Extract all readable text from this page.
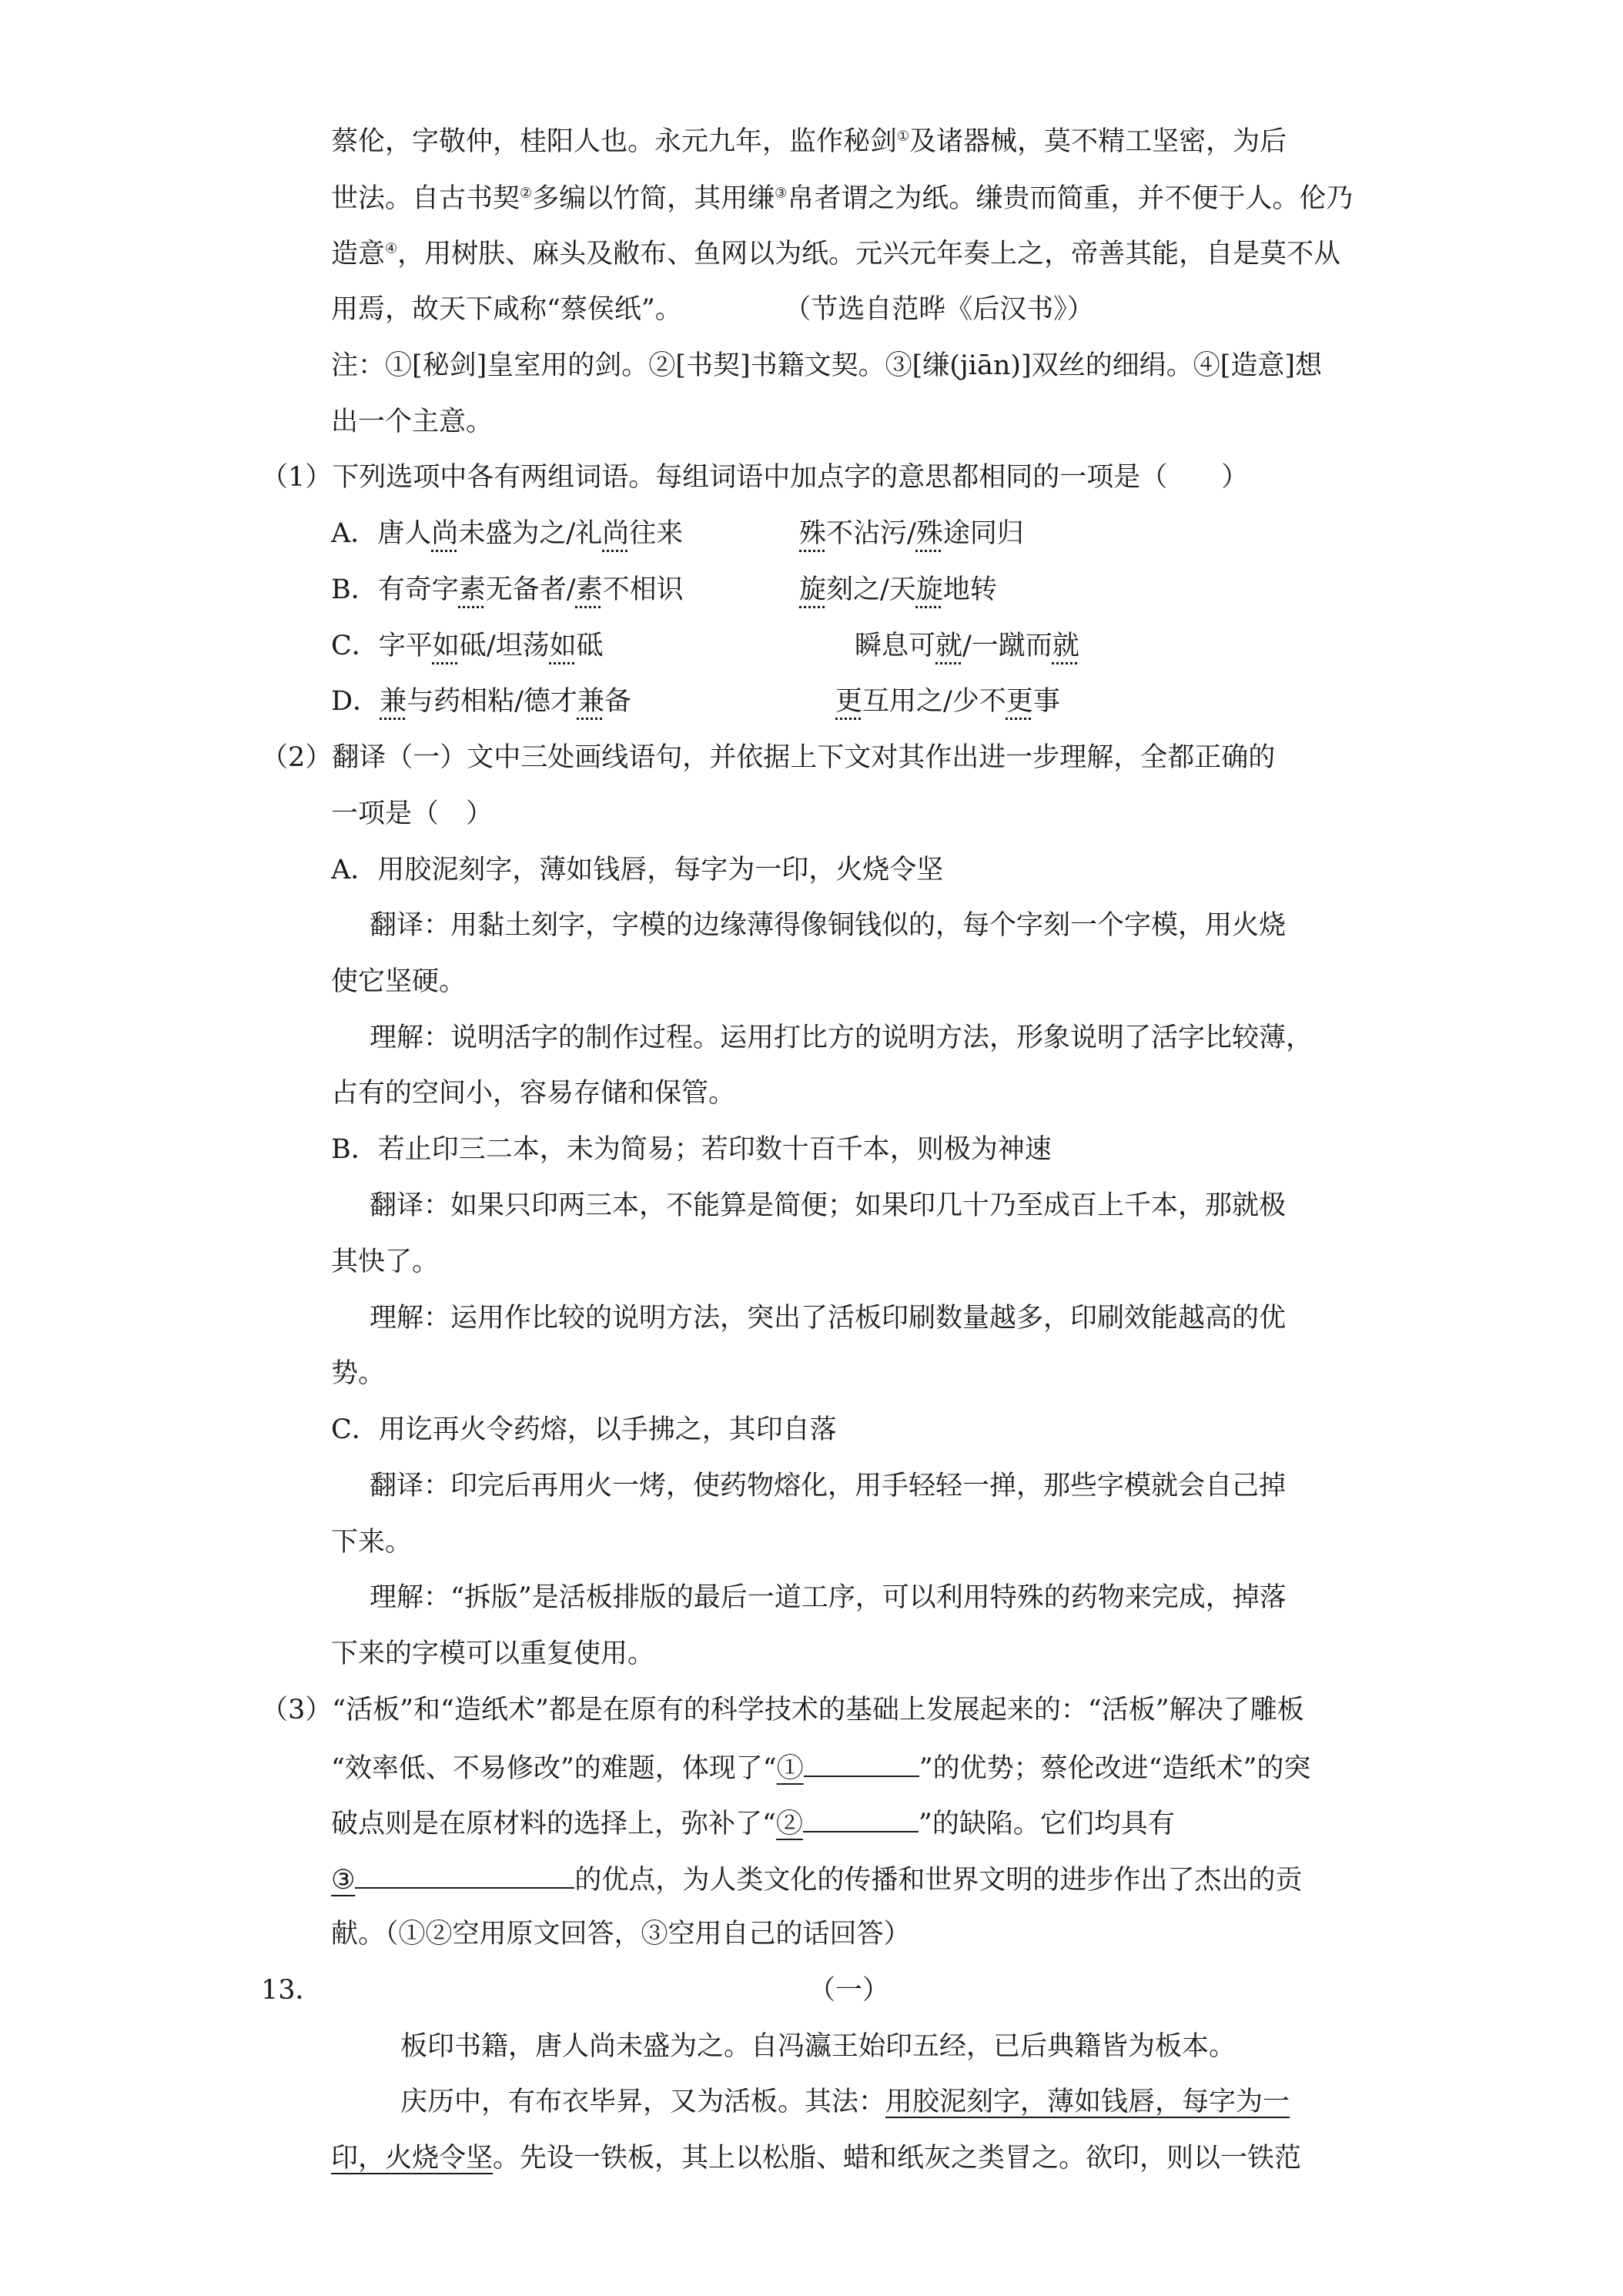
蔡伦，字敬仲，桂阳人也。永元九年，监作秘剑①及诸器械，莫不精工坚密，为后

世法。自古书契②多编以竹简，其用缣③帛者谓之为纸。缣贵而简重，并不便于人。伦乃

造意④，用树肤、麻头及敝布、鱼网以为纸。元兴元年奏上之，帝善其能，自是莫不从

用焉，故天下咸称“蔡侯纸”。	（节选自范晔《后汉书》）

注：①[秘剑]皇室用的剑。②[书契]书籍文契。③[缣(jiān)]双丝的细绢。④[造意]想

出一个主意。

（1）下列选项中各有两组词语。每组词语中加点字的意思都相同的一项是（　　）

A．唐人尚未盛为之/礼尚往来	殊不沾污/殊途同归

B．有奇字素无备者/素不相识	旋刻之/天旋地转

C．字平如砥/坦荡如砥	瞬息可就/一蹴而就

D．兼与药相粘/德才兼备	更互用之/少不更事

（2）翻译（一）文中三处画线语句，并依据上下文对其作出进一步理解，全都正确的

一项是（　）

A．用胶泥刻字，薄如钱唇，每字为一印，火烧令坚

翻译：用黏土刻字，字模的边缘薄得像铜钱似的，每个字刻一个字模，用火烧

使它坚硬。

理解：说明活字的制作过程。运用打比方的说明方法，形象说明了活字比较薄，

占有的空间小，容易存储和保管。

B．若止印三二本，未为简易；若印数十百千本，则极为神速

翻译：如果只印两三本，不能算是简便；如果印几十乃至成百上千本，那就极

其快了。

理解：运用作比较的说明方法，突出了活板印刷数量越多，印刷效能越高的优

势。

C．用讫再火令药熔，以手拂之，其印自落

翻译：印完后再用火一烤，使药物熔化，用手轻轻一掸，那些字模就会自己掉

下来。

理解：“拆版”是活板排版的最后一道工序，可以利用特殊的药物来完成，掉落

下来的字模可以重复使用。

（3）“活板”和“造纸术”都是在原有的科学技术的基础上发展起来的：“活板”解决了雕板

“效率低、不易修改”的难题，体现了“①	”的优势；蔡伦改进“造纸术”的突

破点则是在原材料的选择上，弥补了“②	”的缺陷。它们均具有

③	的优点，为人类文化的传播和世界文明的进步作出了杰出的贡

献。（①②空用原文回答，③空用自己的话回答）

13．	（一）

板印书籍，唐人尚未盛为之。自冯瀛王始印五经，已后典籍皆为板本。

庆历中，有布衣毕昇，又为活板。其法：用胶泥刻字，薄如钱唇，每字为一

印，火烧令坚。先设一铁板，其上以松脂、蜡和纸灰之类冒之。欲印，则以一铁范
